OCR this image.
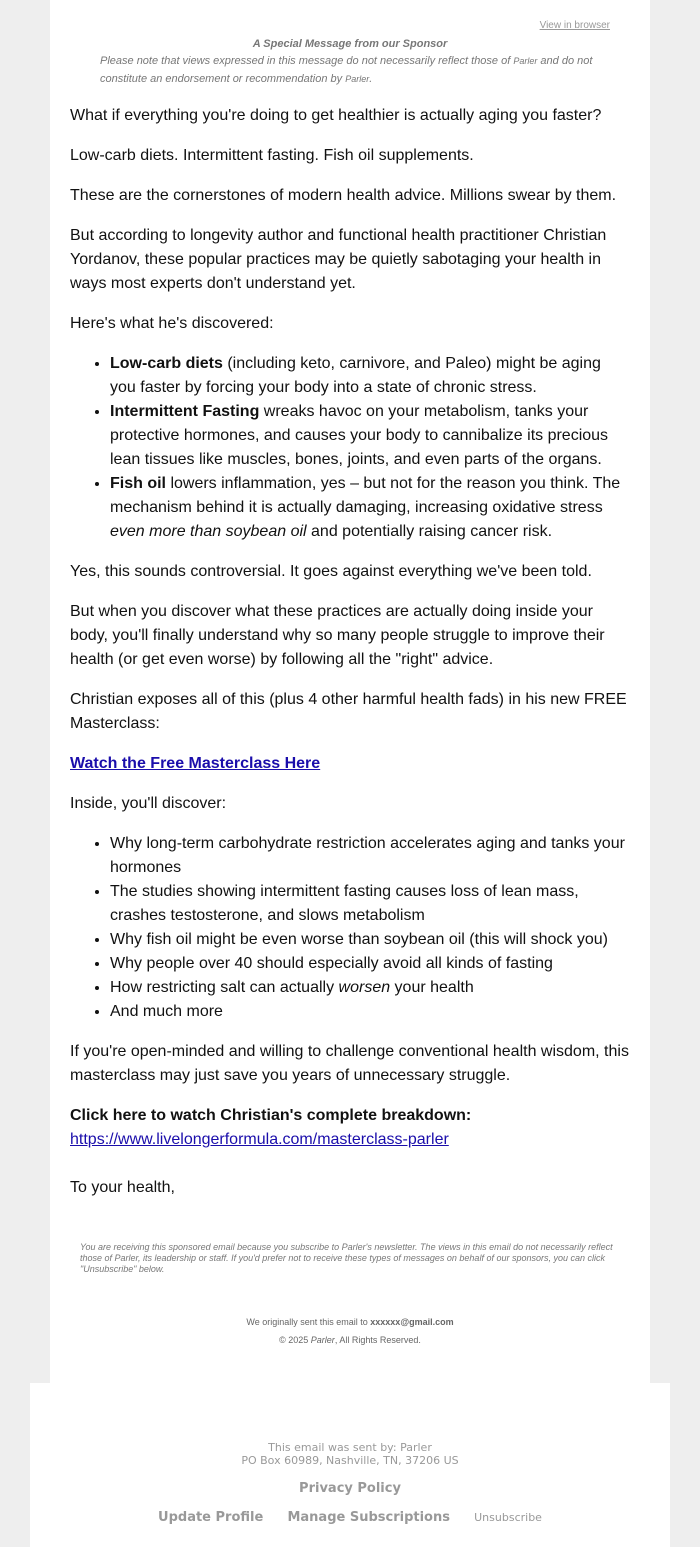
View in browser
A Special Message from our Sponsor
Please note that views expressed in this message do not necessarily reflect those of Parler and do not constitute an endorsement or recommendation by Parler.

What if everything you're doing to get healthier is actually aging you faster?

Low-carb diets. Intermittent fasting. Fish oil supplements.

These are the cornerstones of modern health advice. Millions swear by them.

But according to longevity author and functional health practitioner Christian Yordanov, these popular practices may be quietly sabotaging your health in ways most experts don't understand yet.

Here's what he's discovered:

• Low-carb diets (including keto, carnivore, and Paleo) might be aging you faster by forcing your body into a state of chronic stress.
• Intermittent Fasting wreaks havoc on your metabolism, tanks your protective hormones, and causes your body to cannibalize its precious lean tissues like muscles, bones, joints, and even parts of the organs.
• Fish oil lowers inflammation, yes – but not for the reason you think. The mechanism behind it is actually damaging, increasing oxidative stress even more than soybean oil and potentially raising cancer risk.

Yes, this sounds controversial. It goes against everything we've been told.

But when you discover what these practices are actually doing inside your body, you'll finally understand why so many people struggle to improve their health (or get even worse) by following all the "right" advice.

Christian exposes all of this (plus 4 other harmful health fads) in his new FREE Masterclass:

Watch the Free Masterclass Here

Inside, you'll discover:

• Why long-term carbohydrate restriction accelerates aging and tanks your hormones
• The studies showing intermittent fasting causes loss of lean mass, crashes testosterone, and slows metabolism
• Why fish oil might be even worse than soybean oil (this will shock you)
• Why people over 40 should especially avoid all kinds of fasting
• How restricting salt can actually worsen your health
• And much more

If you're open-minded and willing to challenge conventional health wisdom, this masterclass may just save you years of unnecessary struggle.

Click here to watch Christian's complete breakdown:
https://www.livelongerformula.com/masterclass-parler

To your health,

You are receiving this sponsored email because you subscribe to Parler's newsletter. The views in this email do not necessarily reflect those of Parler, its leadership or staff. If you'd prefer not to receive these types of messages on behalf of our sponsors, you can click "Unsubscribe" below.
We originally sent this email to xxxxxx@gmail.com
© 2025 Parler, All Rights Reserved.
This email was sent by: Parler
PO Box 60989, Nashville, TN, 37206 US
Privacy Policy
Update Profile Manage Subscriptions Unsubscribe
